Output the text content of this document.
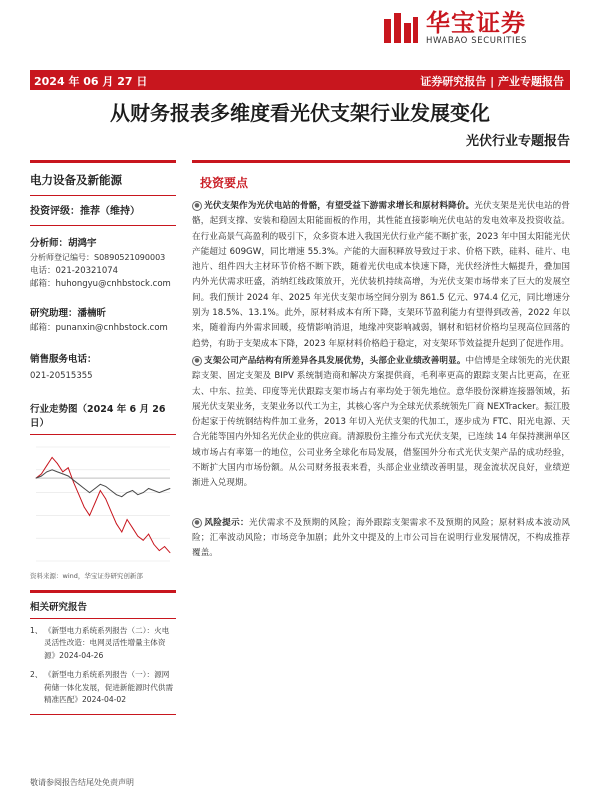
华宝证券
HWABAO SECURITIES
2024 年 06 月 27 日	证券研究报告 | 产业专题报告
从财务报表多维度看光伏支架行业发展变化
光伏行业专题报告
电力设备及新能源
投资评级：推荐（维持）
分析师：胡鸿宇
分析师登记编号：S0890521090003
电话：021-20321074
邮箱：huhongyu@cnhbstock.com
研究助理：潘楠昕
邮箱：punanxin@cnhbstock.com
销售服务电话：
021-20515355
行业走势图（2024 年 6 月 26 日）
资料来源：wind，华宝证券研究创新部
相关研究报告
1、 《新型电力系统系列报告（二）：火电灵活性改造：电网灵活性增量主体资源》2024-04-26
2、 《新型电力系统系列报告（一）：源网荷储一体化发展，促进新能源时代供需精准匹配》2024-04-02
投资要点

● 光伏支架作为光伏电站的骨骼，有望受益下游需求增长和原材料降价。光伏支架是光伏电站的骨骼，起到支撑、安装和稳固太阳能面板的作用，其性能直接影响光伏电站的发电效率及投资收益。在行业高景气高盈利的吸引下，众多资本进入我国光伏行业产能不断扩张，2023 年中国太阳能光伏产能超过 609GW，同比增速 55.3%。产能的大面积释放导致过于求、价格下跌，硅料、硅片、电池片、组件四大主材环节价格不断下跌，随着光伏电成本快速下降，光伏经济性大幅提升，叠加国内外光伏需求旺盛，消纳红线政策放开，光伏装机持续高增，为光伏支架市场带来了巨大的发展空间。我们预计 2024 年、2025 年光伏支架市场空间分别为 861.5 亿元、974.4 亿元，同比增速分别为 18.5%、13.1%。此外，原材料成本有所下降，支架环节盈利能力有望得到改善，2022 年以来，随着海内外需求回暖，疫情影响消退，地缘冲突影响减弱，钢材和铝材价格均呈现高位回落的趋势，有助于支架成本下降，2023 年原材料价格趋于稳定，对支架环节效益提升起到了促进作用。

● 支架公司产品结构有所差异各具发展优势，头部企业业绩改善明显。中信博是全球领先的光伏跟踪支架、固定支架及 BIPV 系统制造商和解决方案提供商，毛利率更高的跟踪支架占比更高，在亚太、中东、拉美、印度等光伏跟踪支架市场占有率均处于领先地位。意华股份深耕连接器领域，拓展光伏支架业务，支架业务以代工为主，其核心客户为全球光伏系统领先厂商 NEXTracker。振江股份起家于传统钢结构件加工业务，2013 年切入光伏支架的代加工，逐步成为 FTC、阳光电源、天合光能等国内外知名光伏企业的供应商。清源股份主推分布式光伏支架，已连续 14 年保持澳洲单区域市场占有率第一的地位，公司业务全球化布局发展，借鉴国外分布式光伏支架产品的成功经验，不断扩大国内市场份额。从公司财务报表来看，头部企业业绩改善明显，现金流状况良好，业绩逆渐进入兑现期。

● 风险提示：光伏需求不及预期的风险；海外跟踪支架需求不及预期的风险；原材料成本波动风险；汇率波动风险；市场竞争加剧；此外文中提及的上市公司旨在说明行业发展情况，不构成推荐覆盖。

敬请参阅报告结尾处免责声明
